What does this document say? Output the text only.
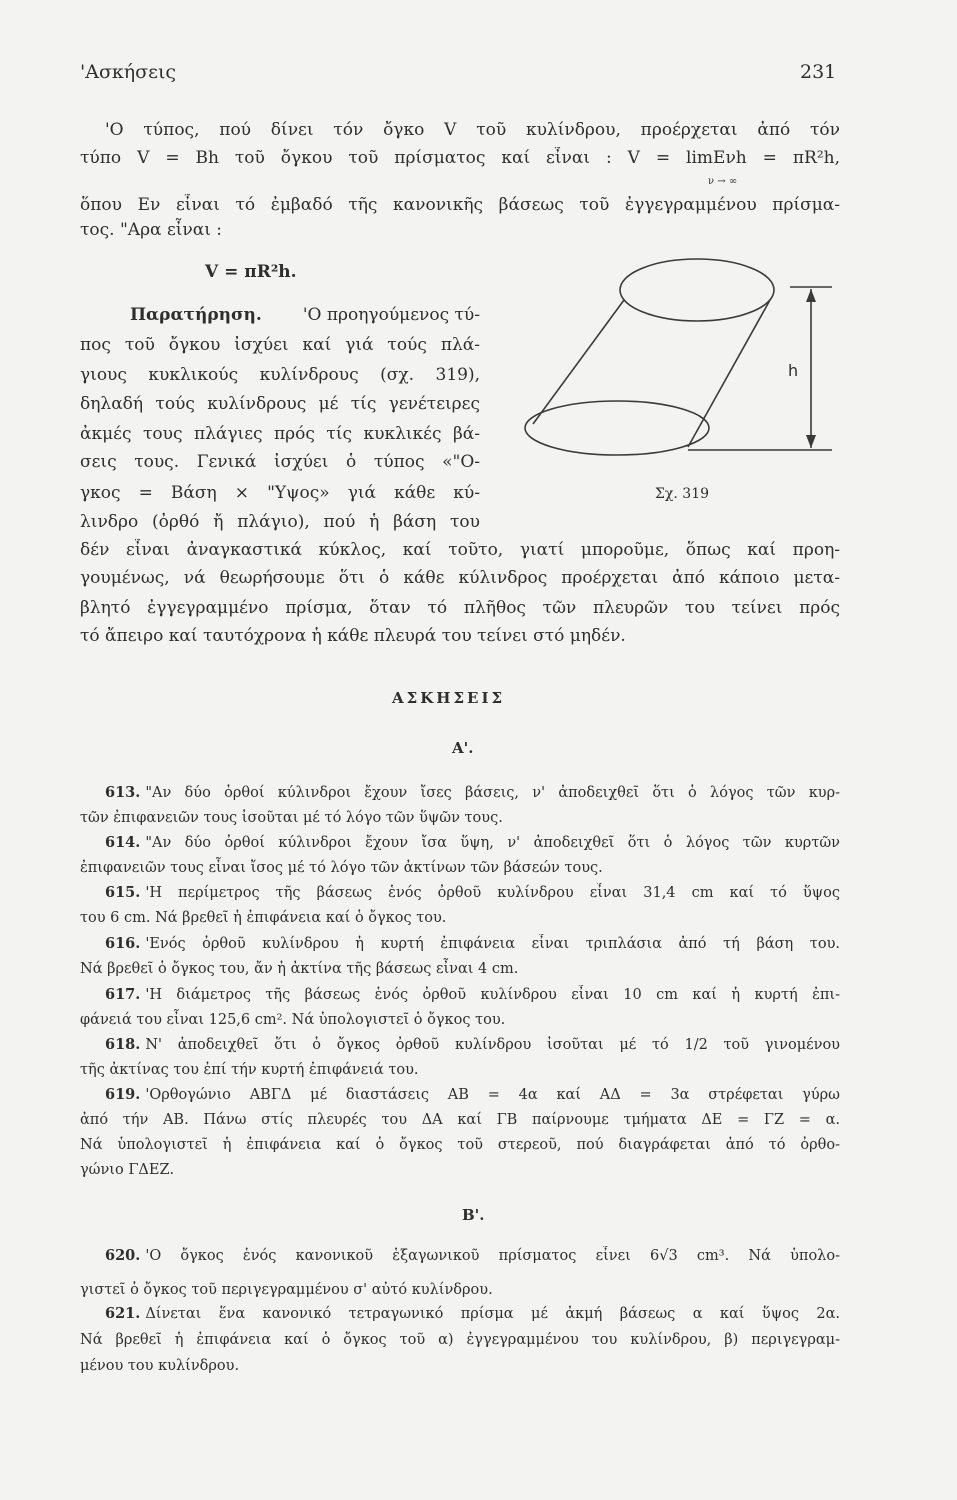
'Ασκήσεις	231
'Ο τύπος, πού δίνει τόν ὄγκο V τοῦ κυλίνδρου, προέρχεται ἀπό τόν
τύπο V = Bh τοῦ ὄγκου τοῦ πρίσματος καί εἶναι : V = limEνh = πR²h,
ν → ∞
ὅπου Eν εἶναι τό ἐμβαδό τῆς κανονικῆς βάσεως τοῦ ἐγγεγραμμένου πρίσμα-
τος. "Αρα εἶναι :
V = πR²h.
Παρατήρηση. 'Ο προηγούμενος τύ-
πος τοῦ ὄγκου ἰσχύει καί γιά τούς πλά-
γιους κυκλικούς κυλίνδρους (σχ. 319),
δηλαδή τούς κυλίνδρους μέ τίς γενέτειρες
ἀκμές τους πλάγιες πρός τίς κυκλικές βά-
σεις τους. Γενικά ἰσχύει ὁ τύπος «"Ο-
γκος = Βάση × "Υψος» γιά κάθε κύ-
λινδρο (ὀρθό ἤ πλάγιο), πού ἡ βάση του
δέν εἶναι ἀναγκαστικά κύκλος, καί τοῦτο, γιατί μποροῦμε, ὅπως καί προη-
γουμένως, νά θεωρήσουμε ὅτι ὁ κάθε κύλινδρος προέρχεται ἀπό κάποιο μετα-
βλητό ἐγγεγραμμένο πρίσμα, ὅταν τό πλῆθος τῶν πλευρῶν του τείνει πρός
τό ἄπειρο καί ταυτόχρονα ἡ κάθε πλευρά του τείνει στό μηδέν.
h
Σχ. 319
ΑΣΚΗΣΕΙΣ
Α'.
613. "Αν δύο ὀρθοί κύλινδροι ἔχουν ἴσες βάσεις, ν' ἀποδειχθεῖ ὅτι ὁ λόγος τῶν κυρ-
τῶν ἐπιφανειῶν τους ἰσοῦται μέ τό λόγο τῶν ὕψῶν τους.
614. "Αν δύο ὀρθοί κύλινδροι ἔχουν ἴσα ὕψη, ν' ἀποδειχθεῖ ὅτι ὁ λόγος τῶν κυρτῶν
ἐπιφανειῶν τους εἶναι ἴσος μέ τό λόγο τῶν ἀκτίνων τῶν βάσεών τους.
615. 'Η περίμετρος τῆς βάσεως ἑνός ὀρθοῦ κυλίνδρου εἶναι 31,4 cm καί τό ὕψος
του 6 cm. Νά βρεθεῖ ἡ ἐπιφάνεια καί ὁ ὄγκος του.
616. 'Ενός ὀρθοῦ κυλίνδρου ἡ κυρτή ἐπιφάνεια εἶναι τριπλάσια ἀπό τή βάση του.
Νά βρεθεῖ ὁ ὄγκος του, ἄν ἡ ἀκτίνα τῆς βάσεως εἶναι 4 cm.
617. 'Η διάμετρος τῆς βάσεως ἑνός ὀρθοῦ κυλίνδρου εἶναι 10 cm καί ἡ κυρτή ἐπι-
φάνειά του εἶναι 125,6 cm². Νά ὑπολογιστεῖ ὁ ὄγκος του.
618. Ν' ἀποδειχθεῖ ὅτι ὁ ὄγκος ὀρθοῦ κυλίνδρου ἰσοῦται μέ τό 1/2 τοῦ γινομένου
τῆς ἀκτίνας του ἐπί τήν κυρτή ἐπιφάνειά του.
619. 'Ορθογώνιο ΑΒΓΔ μέ διαστάσεις ΑΒ = 4α καί ΑΔ = 3α στρέφεται γύρω
ἀπό τήν ΑΒ. Πάνω στίς πλευρές του ΔΑ καί ΓΒ παίρνουμε τμήματα ΔΕ = ΓΖ = α.
Νά ὑπολογιστεῖ ἡ ἐπιφάνεια καί ὁ ὄγκος τοῦ στερεοῦ, πού διαγράφεται ἀπό τό ὀρθο-
γώνιο ΓΔΕΖ.
Β'.
620. 'Ο ὄγκος ἑνός κανονικοῦ ἑξαγωνικοῦ πρίσματος εἶνει 6√3 cm³. Νά ὑπολο-
γιστεῖ ὁ ὄγκος τοῦ περιγεγραμμένου σ' αὐτό κυλίνδρου.
621. Δίνεται ἕνα κανονικό τετραγωνικό πρίσμα μέ ἀκμή βάσεως α καί ὕψος 2α.
Νά βρεθεῖ ἡ ἐπιφάνεια καί ὁ ὄγκος τοῦ α) ἐγγεγραμμένου του κυλίνδρου, β) περιγεγραμ-
μένου του κυλίνδρου.
